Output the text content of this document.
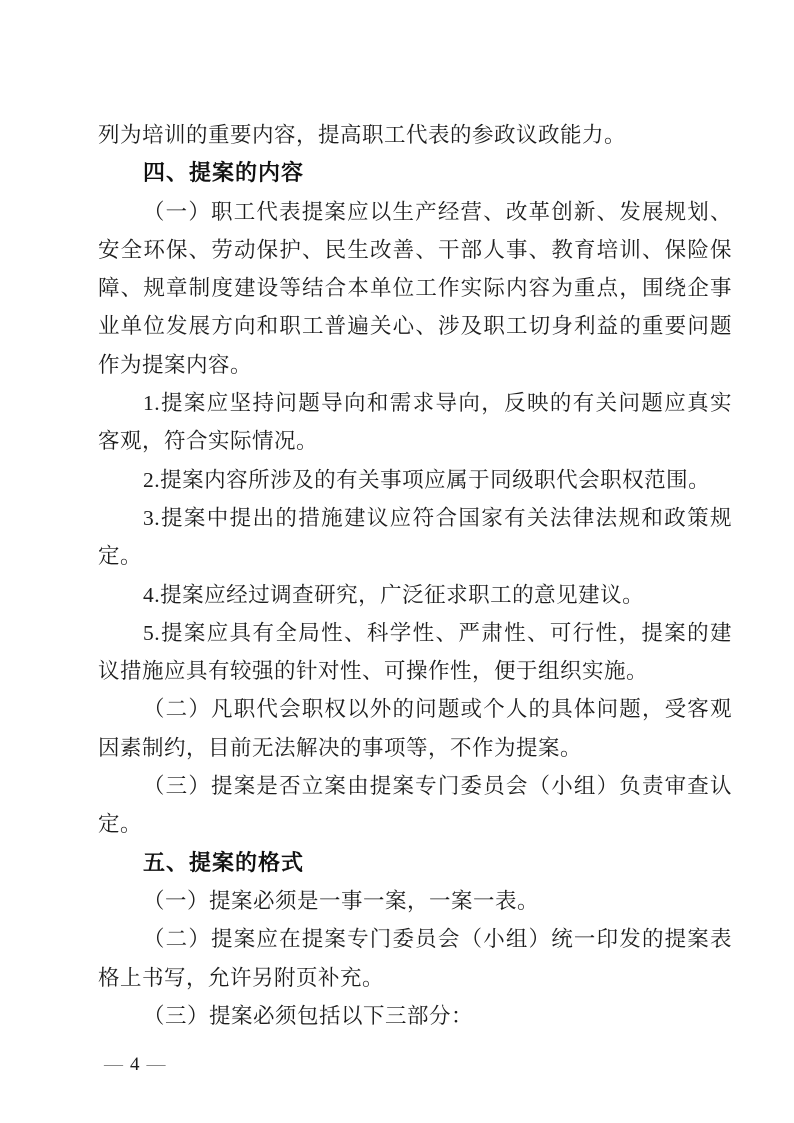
列为培训的重要内容，提高职工代表的参政议政能力。
四、提案的内容
（一）职工代表提案应以生产经营、改革创新、发展规划、
安全环保、劳动保护、民生改善、干部人事、教育培训、保险保
障、规章制度建设等结合本单位工作实际内容为重点，围绕企事
业单位发展方向和职工普遍关心、涉及职工切身利益的重要问题
作为提案内容。
1.提案应坚持问题导向和需求导向，反映的有关问题应真实
客观，符合实际情况。
2.提案内容所涉及的有关事项应属于同级职代会职权范围。
3.提案中提出的措施建议应符合国家有关法律法规和政策规
定。
4.提案应经过调查研究，广泛征求职工的意见建议。
5.提案应具有全局性、科学性、严肃性、可行性，提案的建
议措施应具有较强的针对性、可操作性，便于组织实施。
（二）凡职代会职权以外的问题或个人的具体问题，受客观
因素制约，目前无法解决的事项等，不作为提案。
（三）提案是否立案由提案专门委员会（小组）负责审查认
定。
五、提案的格式
（一）提案必须是一事一案，一案一表。
（二）提案应在提案专门委员会（小组）统一印发的提案表
格上书写，允许另附页补充。
（三）提案必须包括以下三部分：
— 4 —
